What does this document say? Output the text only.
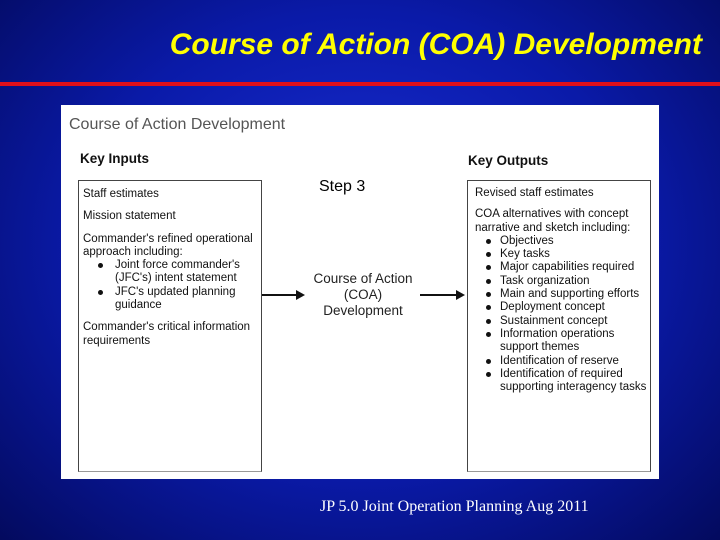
Course of Action (COA) Development
Course of Action Development
Key Inputs	Key Outputs
Step 3

Staff estimates

Mission statement

Commander's refined operational approach including:

Joint force commander's (JFC's) intent statement
JFC's updated planning guidance

Commander's critical information requirements

Course of Action
(COA)
Development

Revised staff estimates

COA alternatives with concept narrative and sketch including:

Objectives
Key tasks
Major capabilities required
Task organization
Main and supporting efforts
Deployment concept
Sustainment concept
Information operations support themes
Identification of reserve
Identification of required supporting interagency tasks
JP 5.0 Joint Operation Planning Aug 2011
